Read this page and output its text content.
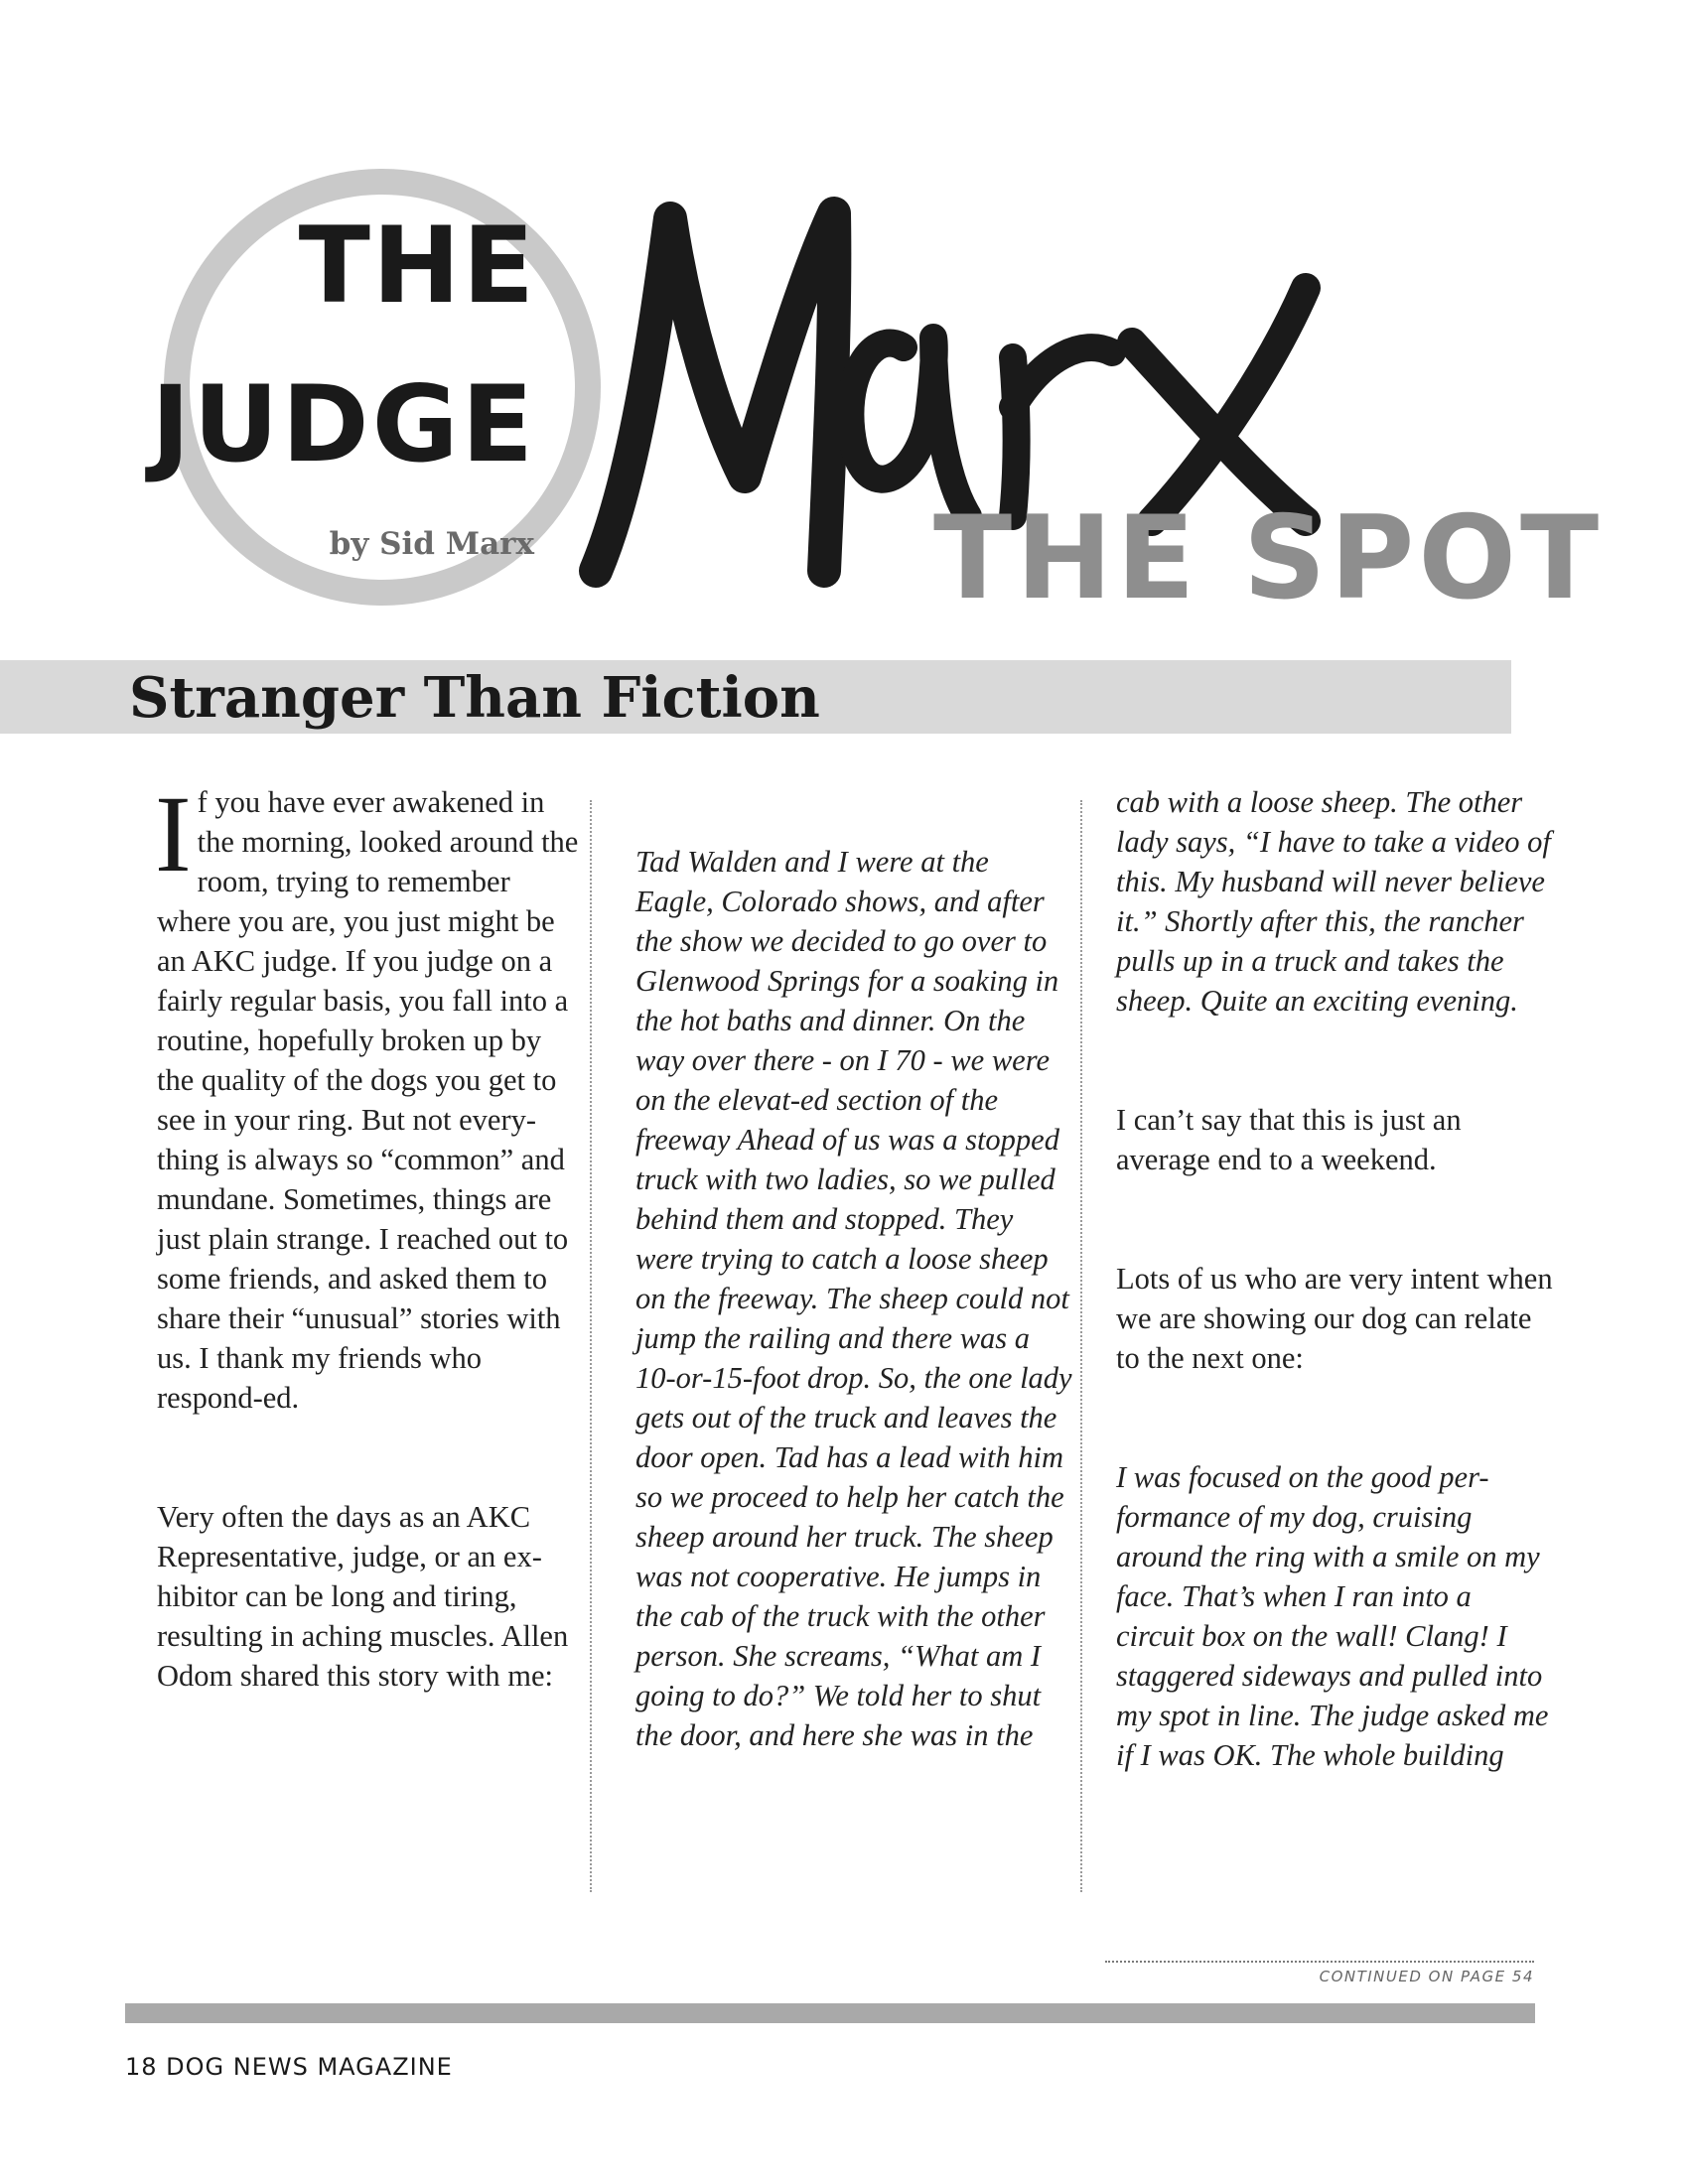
THE
JUDGE
by Sid Marx
Marx
THE SPOT
Stranger Than Fiction
I f you have ever awakened in the morning, looked around the room, trying to remember where you are, you just might be an AKC judge. If you judge on a fairly regular basis, you fall into a routine, hopefully broken up by the quality of the dogs you get to see in your ring. But not every-thing is always so “common” and mundane. Sometimes, things are just plain strange. I reached out to some friends, and asked them to share their “unusual” stories with us. I thank my friends who respond-ed.

Very often the days as an AKC Representative, judge, or an ex-hibitor can be long and tiring, resulting in aching muscles. Allen Odom shared this story with me:

Tad Walden and I were at the Eagle, Colorado shows, and after the show we decided to go over to Glenwood Springs for a soaking in the hot baths and dinner. On the way over there - on I 70 - we were on the elevat-ed section of the freeway Ahead of us was a stopped truck with two ladies, so we pulled behind them and stopped. They were trying to catch a loose sheep on the freeway. The sheep could not jump the railing and there was a 10-or-15-foot drop. So, the one lady gets out of the truck and leaves the door open. Tad has a lead with him so we proceed to help her catch the sheep around her truck. The sheep was not cooperative. He jumps in the cab of the truck with the other person. She screams, “What am I going to do?” We told her to shut the door, and here she was in the

cab with a loose sheep. The other lady says, “I have to take a video of this. My husband will never believe it.” Shortly after this, the rancher pulls up in a truck and takes the sheep. Quite an exciting evening.

I can’t say that this is just an average end to a weekend.

Lots of us who are very intent when we are showing our dog can relate to the next one:

I was focused on the good per-formance of my dog, cruising around the ring with a smile on my face. That’s when I ran into a circuit box on the wall! Clang! I staggered sideways and pulled into my spot in line. The judge asked me if I was OK. The whole building

CONTINUED ON PAGE 54
18 DOG NEWS MAGAZINE
